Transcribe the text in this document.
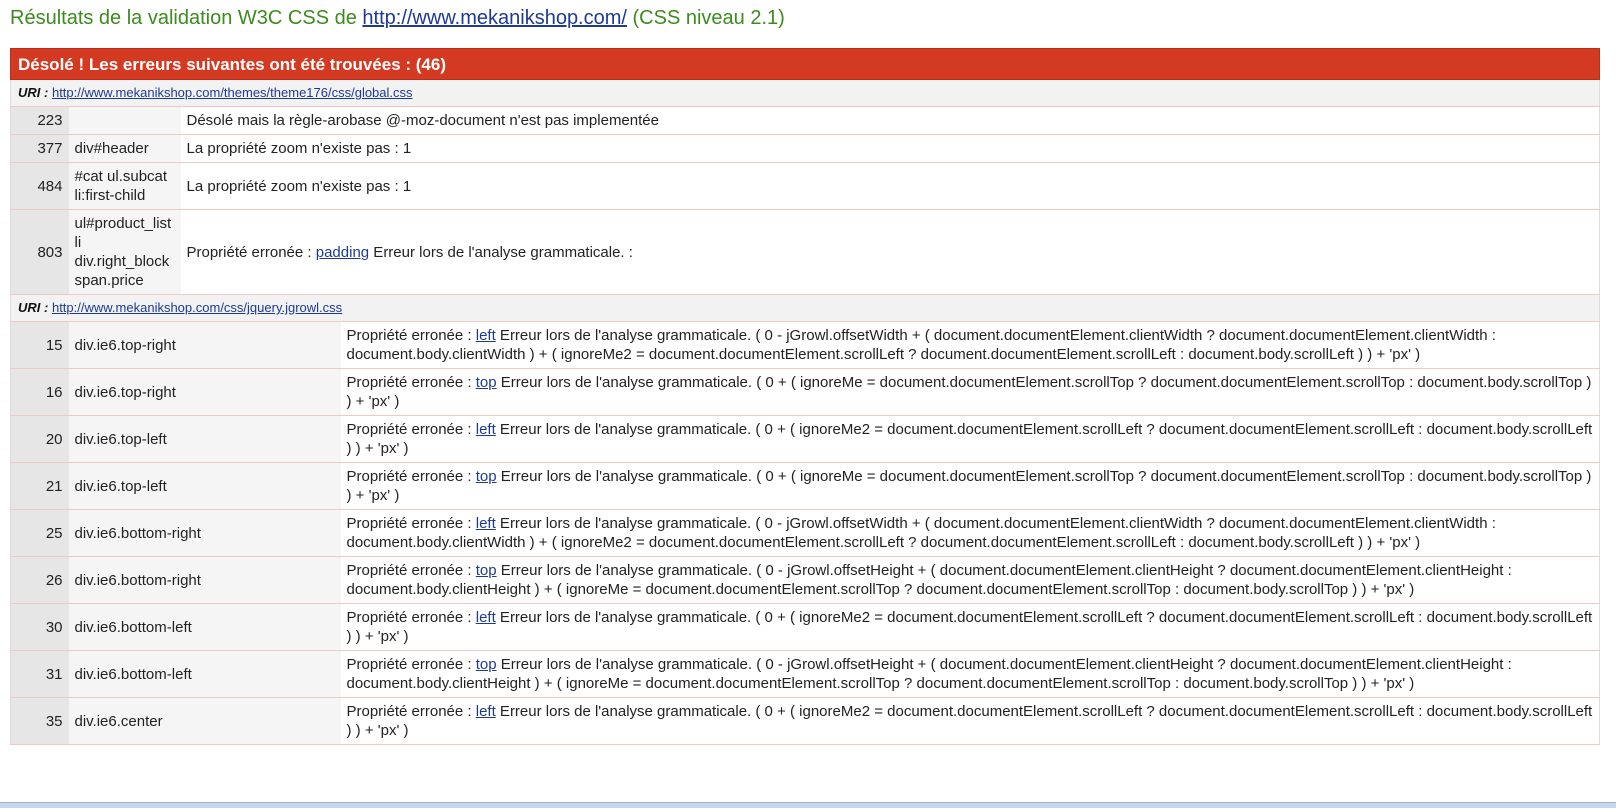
Résultats de la validation W3C CSS de http://www.mekanikshop.com/ (CSS niveau 2.1)
Désolé ! Les erreurs suivantes ont été trouvées : (46)
URI : http://www.mekanikshop.com/themes/theme176/css/global.css
223		Désolé mais la règle-arobase @-moz-document n'est pas implementée
377	div#header	La propriété zoom n'existe pas : 1
484	#cat ul.subcat li:first-child	La propriété zoom n'existe pas : 1
803	ul#product_list li div.right_block span.price	Propriété erronée : padding Erreur lors de l'analyse grammaticale. :
URI : http://www.mekanikshop.com/css/jquery.jgrowl.css
15	div.ie6.top-right	Propriété erronée : left Erreur lors de l'analyse grammaticale. ( 0 - jGrowl.offsetWidth + ( document.documentElement.clientWidth ? document.documentElement.clientWidth : document.body.clientWidth ) + ( ignoreMe2 = document.documentElement.scrollLeft ? document.documentElement.scrollLeft : document.body.scrollLeft ) ) + 'px' )
16	div.ie6.top-right	Propriété erronée : top Erreur lors de l'analyse grammaticale. ( 0 + ( ignoreMe = document.documentElement.scrollTop ? document.documentElement.scrollTop : document.body.scrollTop ) ) + 'px' )
20	div.ie6.top-left	Propriété erronée : left Erreur lors de l'analyse grammaticale. ( 0 + ( ignoreMe2 = document.documentElement.scrollLeft ? document.documentElement.scrollLeft : document.body.scrollLeft ) ) + 'px' )
21	div.ie6.top-left	Propriété erronée : top Erreur lors de l'analyse grammaticale. ( 0 + ( ignoreMe = document.documentElement.scrollTop ? document.documentElement.scrollTop : document.body.scrollTop ) ) + 'px' )
25	div.ie6.bottom-right	Propriété erronée : left Erreur lors de l'analyse grammaticale. ( 0 - jGrowl.offsetWidth + ( document.documentElement.clientWidth ? document.documentElement.clientWidth : document.body.clientWidth ) + ( ignoreMe2 = document.documentElement.scrollLeft ? document.documentElement.scrollLeft : document.body.scrollLeft ) ) + 'px' )
26	div.ie6.bottom-right	Propriété erronée : top Erreur lors de l'analyse grammaticale. ( 0 - jGrowl.offsetHeight + ( document.documentElement.clientHeight ? document.documentElement.clientHeight : document.body.clientHeight ) + ( ignoreMe = document.documentElement.scrollTop ? document.documentElement.scrollTop : document.body.scrollTop ) ) + 'px' )
30	div.ie6.bottom-left	Propriété erronée : left Erreur lors de l'analyse grammaticale. ( 0 + ( ignoreMe2 = document.documentElement.scrollLeft ? document.documentElement.scrollLeft : document.body.scrollLeft ) ) + 'px' )
31	div.ie6.bottom-left	Propriété erronée : top Erreur lors de l'analyse grammaticale. ( 0 - jGrowl.offsetHeight + ( document.documentElement.clientHeight ? document.documentElement.clientHeight : document.body.clientHeight ) + ( ignoreMe = document.documentElement.scrollTop ? document.documentElement.scrollTop : document.body.scrollTop ) ) + 'px' )
35	div.ie6.center	Propriété erronée : left Erreur lors de l'analyse grammaticale. ( 0 + ( ignoreMe2 = document.documentElement.scrollLeft ? document.documentElement.scrollLeft : document.body.scrollLeft ) ) + 'px' )
